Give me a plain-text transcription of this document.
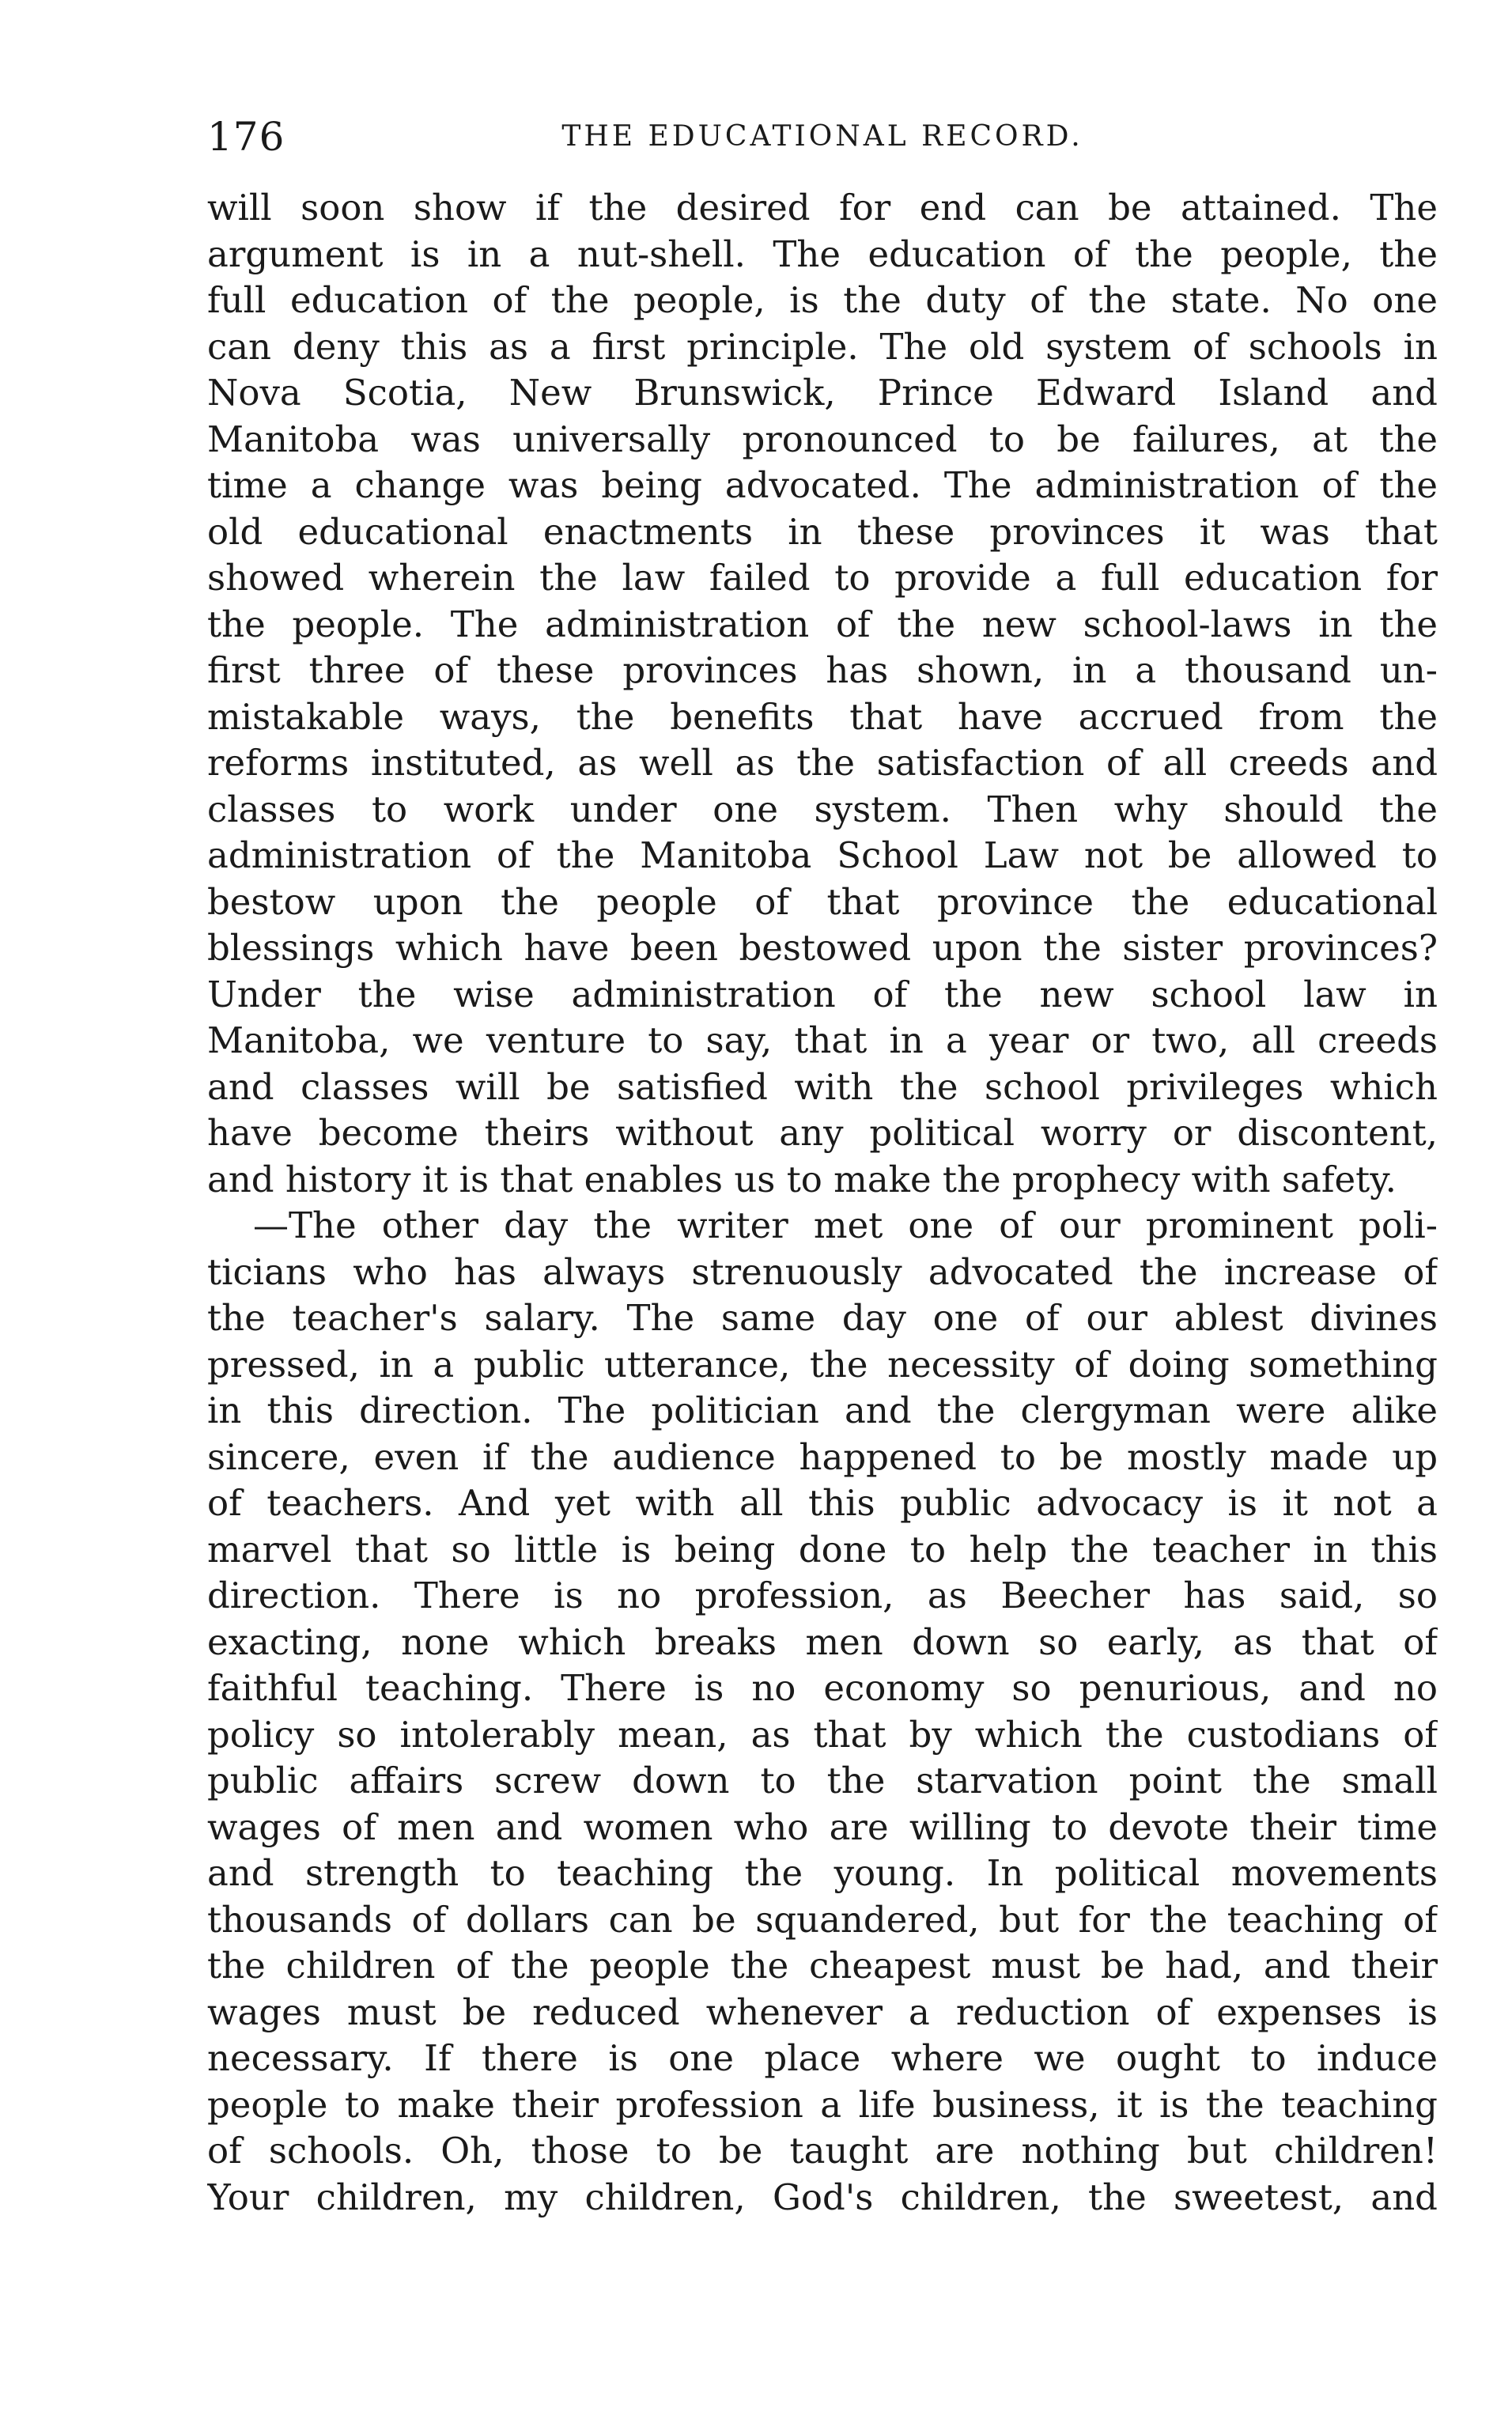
176	THE EDUCATIONAL RECORD.
will soon show if the desired for end can be attained. The
argument is in a nut-shell. The education of the people, the
full education of the people, is the duty of the state. No one
can deny this as a first principle. The old system of schools in
Nova Scotia, New Brunswick, Prince Edward Island and
Manitoba was universally pronounced to be failures, at the
time a change was being advocated. The administration of the
old educational enactments in these provinces it was that
showed wherein the law failed to provide a full education for
the people. The administration of the new school-laws in the
first three of these provinces has shown, in a thousand un-
mistakable ways, the benefits that have accrued from the
reforms instituted, as well as the satisfaction of all creeds and
classes to work under one system. Then why should the
administration of the Manitoba School Law not be allowed to
bestow upon the people of that province the educational
blessings which have been bestowed upon the sister provinces?
Under the wise administration of the new school law in
Manitoba, we venture to say, that in a year or two, all creeds
and classes will be satisfied with the school privileges which
have become theirs without any political worry or discontent,
and history it is that enables us to make the prophecy with safety.
—The other day the writer met one of our prominent poli-
ticians who has always strenuously advocated the increase of
the teacher's salary. The same day one of our ablest divines
pressed, in a public utterance, the necessity of doing something
in this direction. The politician and the clergyman were alike
sincere, even if the audience happened to be mostly made up
of teachers. And yet with all this public advocacy is it not a
marvel that so little is being done to help the teacher in this
direction. There is no profession, as Beecher has said, so
exacting, none which breaks men down so early, as that of
faithful teaching. There is no economy so penurious, and no
policy so intolerably mean, as that by which the custodians of
public affairs screw down to the starvation point the small
wages of men and women who are willing to devote their time
and strength to teaching the young. In political movements
thousands of dollars can be squandered, but for the teaching of
the children of the people the cheapest must be had, and their
wages must be reduced whenever a reduction of expenses is
necessary. If there is one place where we ought to induce
people to make their profession a life business, it is the teaching
of schools. Oh, those to be taught are nothing but children!
Your children, my children, God's children, the sweetest, and
